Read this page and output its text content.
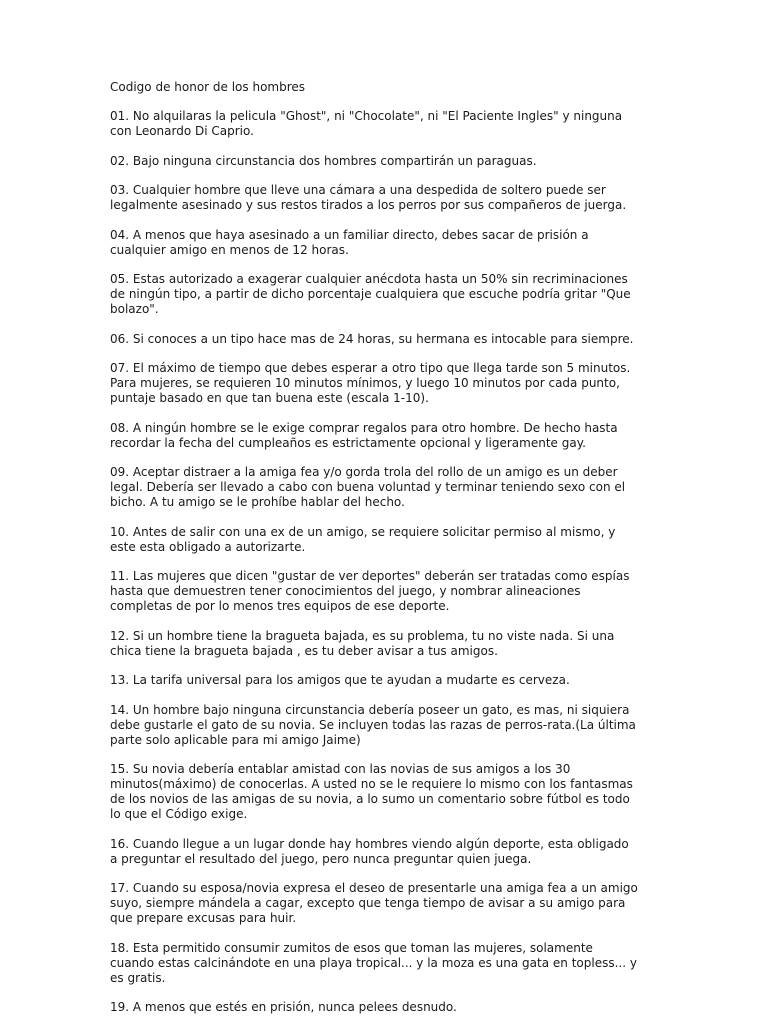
Codigo de honor de los hombres

01. No alquilaras la pelicula "Ghost", ni "Chocolate", ni "El Paciente Ingles" y ninguna con Leonardo Di Caprio.

02. Bajo ninguna circunstancia dos hombres compartirán un paraguas.

03. Cualquier hombre que lleve una cámara a una despedida de soltero puede ser legalmente asesinado y sus restos tirados a los perros por sus compañeros de juerga.

04. A menos que haya asesinado a un familiar directo, debes sacar de prisión a cualquier amigo en menos de 12 horas.

05. Estas autorizado a exagerar cualquier anécdota hasta un 50% sin recriminaciones de ningún tipo, a partir de dicho porcentaje cualquiera que escuche podría gritar "Que bolazo".

06. Si conoces a un tipo hace mas de 24 horas, su hermana es intocable para siempre.

07. El máximo de tiempo que debes esperar a otro tipo que llega tarde son 5 minutos. Para mujeres, se requieren 10 minutos mínimos, y luego 10 minutos por cada punto, puntaje basado en que tan buena este (escala 1-10).

08. A ningún hombre se le exige comprar regalos para otro hombre. De hecho hasta recordar la fecha del cumpleaños es estrictamente opcional y ligeramente gay.

09. Aceptar distraer a la amiga fea y/o gorda trola del rollo de un amigo es un deber legal. Debería ser llevado a cabo con buena voluntad y terminar teniendo sexo con el bicho. A tu amigo se le prohíbe hablar del hecho.

10. Antes de salir con una ex de un amigo, se requiere solicitar permiso al mismo, y este esta obligado a autorizarte.

11. Las mujeres que dicen "gustar de ver deportes" deberán ser tratadas como espías hasta que demuestren tener conocimientos del juego, y nombrar alineaciones completas de por lo menos tres equipos de ese deporte.

12. Si un hombre tiene la bragueta bajada, es su problema, tu no viste nada. Si una chica tiene la bragueta bajada , es tu deber avisar a tus amigos.

13. La tarifa universal para los amigos que te ayudan a mudarte es cerveza.

14. Un hombre bajo ninguna circunstancia debería poseer un gato, es mas, ni siquiera debe gustarle el gato de su novia. Se incluyen todas las razas de perros-rata.(La última parte solo aplicable para mi amigo Jaime)

15. Su novia debería entablar amistad con las novias de sus amigos a los 30 minutos(máximo) de conocerlas. A usted no se le requiere lo mismo con los fantasmas de los novios de las amigas de su novia, a lo sumo un comentario sobre fútbol es todo lo que el Código exige.

16. Cuando llegue a un lugar donde hay hombres viendo algún deporte, esta obligado a preguntar el resultado del juego, pero nunca preguntar quien juega.

17. Cuando su esposa/novia expresa el deseo de presentarle una amiga fea a un amigo suyo, siempre mándela a cagar, excepto que tenga tiempo de avisar a su amigo para que prepare excusas para huir.

18. Esta permitido consumir zumitos de esos que toman las mujeres, solamente cuando estas calcinándote en una playa tropical... y la moza es una gata en topless... y es gratis.

19. A menos que estés en prisión, nunca pelees desnudo.
